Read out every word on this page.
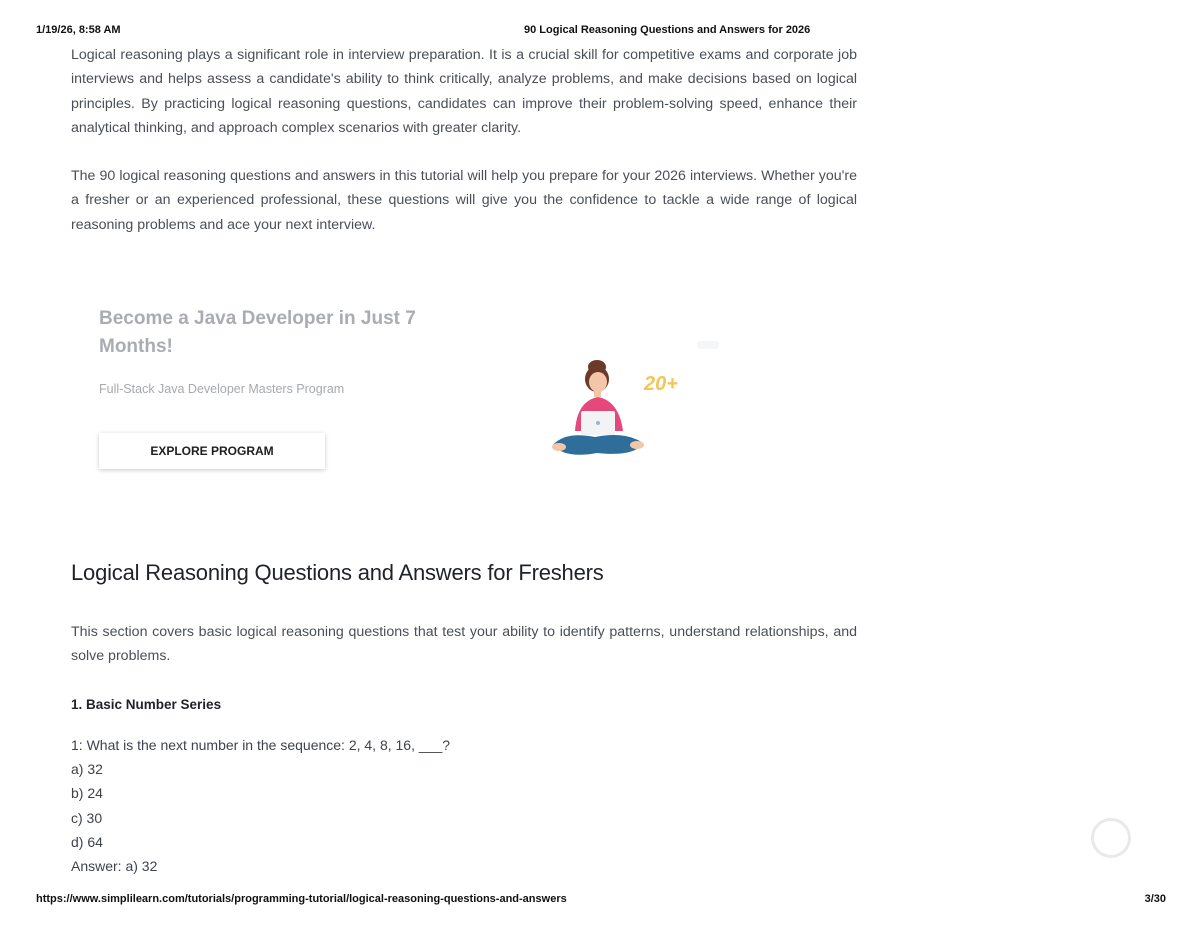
1/19/26, 8:58 AM	90 Logical Reasoning Questions and Answers for 2026

Logical reasoning plays a significant role in interview preparation. It is a crucial skill for competitive exams and corporate job interviews and helps assess a candidate's ability to think critically, analyze problems, and make decisions based on logical principles. By practicing logical reasoning questions, candidates can improve their problem-solving speed, enhance their analytical thinking, and approach complex scenarios with greater clarity.

The 90 logical reasoning questions and answers in this tutorial will help you prepare for your 2026 interviews. Whether you're a fresher or an experienced professional, these questions will give you the confidence to tackle a wide range of logical reasoning problems and ace your next interview.

Become a Java Developer in Just 7 Months!

Full-Stack Java Developer Masters Program
EXPLORE PROGRAM
20+
Logical Reasoning Questions and Answers for Freshers

This section covers basic logical reasoning questions that test your ability to identify patterns, understand relationships, and solve problems.

1. Basic Number Series
1: What is the next number in the sequence: 2, 4, 8, 16, ___?
a) 32
b) 24
c) 30
d) 64
Answer: a) 32
https://www.simplilearn.com/tutorials/programming-tutorial/logical-reasoning-questions-and-answers	3/30
